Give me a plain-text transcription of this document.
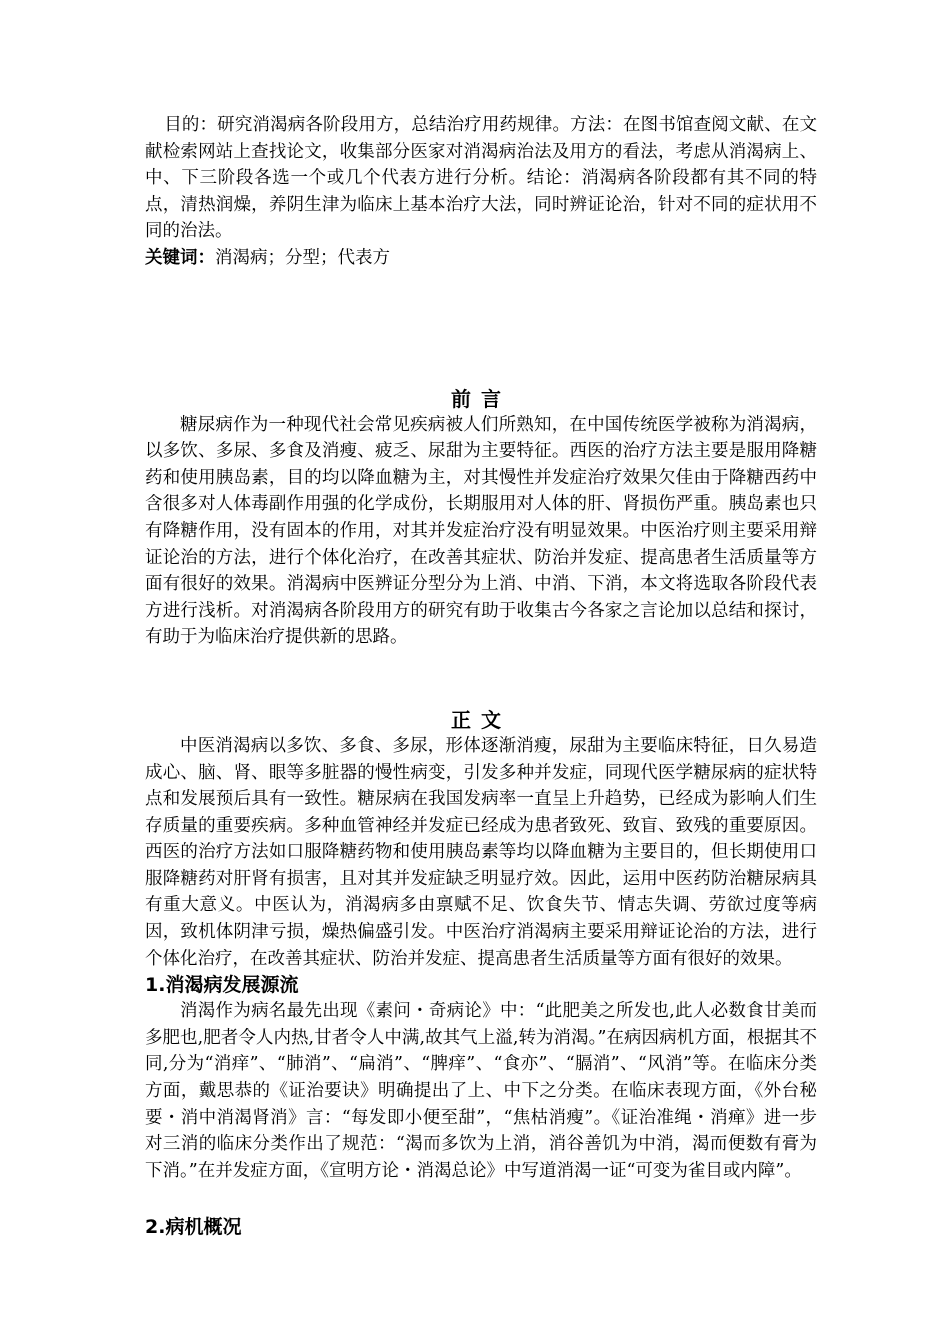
目的：研究消渴病各阶段用方，总结治疗用药规律。方法：在图书馆查阅文献、在文献检索网站上查找论文，收集部分医家对消渴病治法及用方的看法，考虑从消渴病上、中、下三阶段各选一个或几个代表方进行分析。结论：消渴病各阶段都有其不同的特点，清热润燥，养阴生津为临床上基本治疗大法，同时辨证论治，针对不同的症状用不同的治法。

关键词：消渴病；分型；代表方

前言

糖尿病作为一种现代社会常见疾病被人们所熟知，在中国传统医学被称为消渴病，以多饮、多尿、多食及消瘦、疲乏、尿甜为主要特征。西医的治疗方法主要是服用降糖药和使用胰岛素，目的均以降血糖为主，对其慢性并发症治疗效果欠佳由于降糖西药中含很多对人体毒副作用强的化学成份，长期服用对人体的肝、肾损伤严重。胰岛素也只有降糖作用，没有固本的作用，对其并发症治疗没有明显效果。中医治疗则主要采用辩证论治的方法，进行个体化治疗，在改善其症状、防治并发症、提高患者生活质量等方面有很好的效果。消渴病中医辨证分型分为上消、中消、下消，本文将选取各阶段代表方进行浅析。对消渴病各阶段用方的研究有助于收集古今各家之言论加以总结和探讨，有助于为临床治疗提供新的思路。

正文

中医消渴病以多饮、多食、多尿，形体逐渐消瘦，尿甜为主要临床特征，日久易造成心、脑、肾、眼等多脏器的慢性病变，引发多种并发症，同现代医学糖尿病的症状特点和发展预后具有一致性。糖尿病在我国发病率一直呈上升趋势，已经成为影响人们生存质量的重要疾病。多种血管神经并发症已经成为患者致死、致盲、致残的重要原因。西医的治疗方法如口服降糖药物和使用胰岛素等均以降血糖为主要目的，但长期使用口服降糖药对肝肾有损害，且对其并发症缺乏明显疗效。因此，运用中医药防治糖尿病具有重大意义。中医认为，消渴病多由禀赋不足、饮食失节、情志失调、劳欲过度等病因，致机体阴津亏损，燥热偏盛引发。中医治疗消渴病主要采用辩证论治的方法，进行个体化治疗，在改善其症状、防治并发症、提高患者生活质量等方面有很好的效果。

1.消渴病发展源流

消渴作为病名最先出现《素问・奇病论》中：“此肥美之所发也,此人必数食甘美而多肥也,肥者令人内热,甘者令人中满,故其气上溢,转为消渴。”在病因病机方面，根据其不同,分为“消痒”、“肺消”、“扁消”、“脾痒”、“食亦”、“膈消”、“风消”等。在临床分类方面，戴思恭的《证治要诀》明确提出了上、中下之分类。在临床表现方面，《外台秘要・消中消渴肾消》言：“每发即小便至甜”，“焦枯消瘦”。《证治准绳・消瘅》进一步对三消的临床分类作出了规范：“渴而多饮为上消，消谷善饥为中消，渴而便数有膏为下消。”在并发症方面，《宣明方论・消渴总论》中写道消渴一证“可变为雀目或内障”。

2.病机概况
